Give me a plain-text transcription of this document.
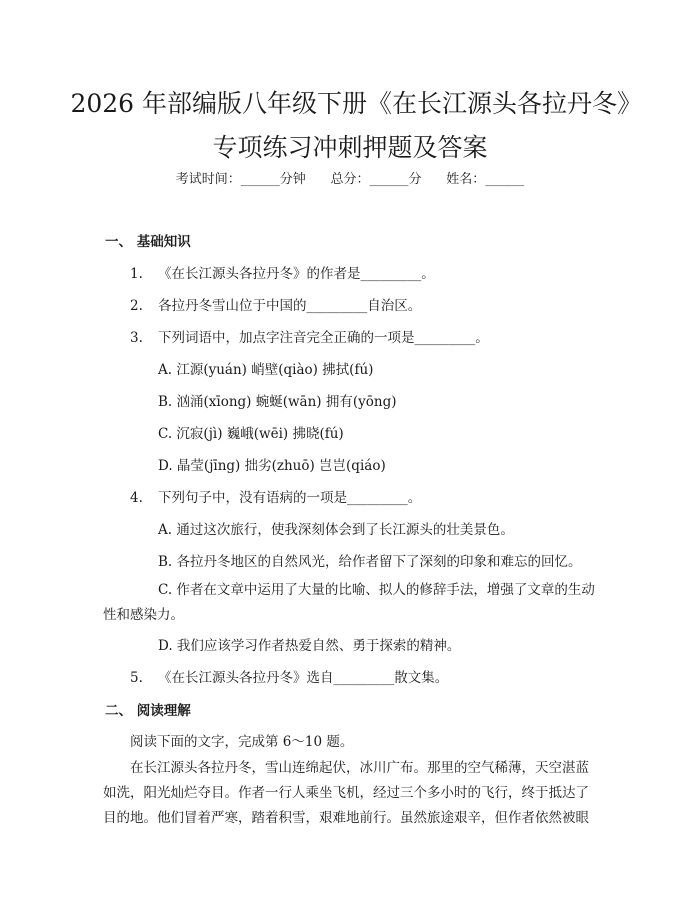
2026 年部编版八年级下册《在长江源头各拉丹冬》专项练习冲刺押题及答案
考试时间：______分钟      总分：______分      姓名：______
一、 基础知识
1. 《在长江源头各拉丹冬》的作者是_________。
2. 各拉丹冬雪山位于中国的_________自治区。
3. 下列词语中，加点字注音完全正确的一项是_________。
A. 江源(yuán) 峭壁(qiào) 拂拭(fú)
B. 汹涌(xīong) 蜿蜒(wān) 拥有(yōng)
C. 沉寂(jì) 巍峨(wēi) 拂晓(fú)
D. 晶莹(jīng) 拙劣(zhuō) 岂岂(qiáo)
4. 下列句子中，没有语病的一项是_________。
A. 通过这次旅行，使我深刻体会到了长江源头的壮美景色。
B. 各拉丹冬地区的自然风光，给作者留下了深刻的印象和难忘的回忆。
C. 作者在文章中运用了大量的比喻、拟人的修辞手法，增强了文章的生动性和感染力。
D. 我们应该学习作者热爱自然、勇于探索的精神。
5. 《在长江源头各拉丹冬》选自_________散文集。
二、 阅读理解
阅读下面的文字，完成第 6～10 题。
在长江源头各拉丹冬，雪山连绵起伏，冰川广布。那里的空气稀薄，天空湛蓝如洗，阳光灿烂夺目。作者一行人乘坐飞机，经过三个多小时的飞行，终于抵达了目的地。他们冒着严寒，踏着积雪，艰难地前行。虽然旅途艰辛，但作者依然被眼
